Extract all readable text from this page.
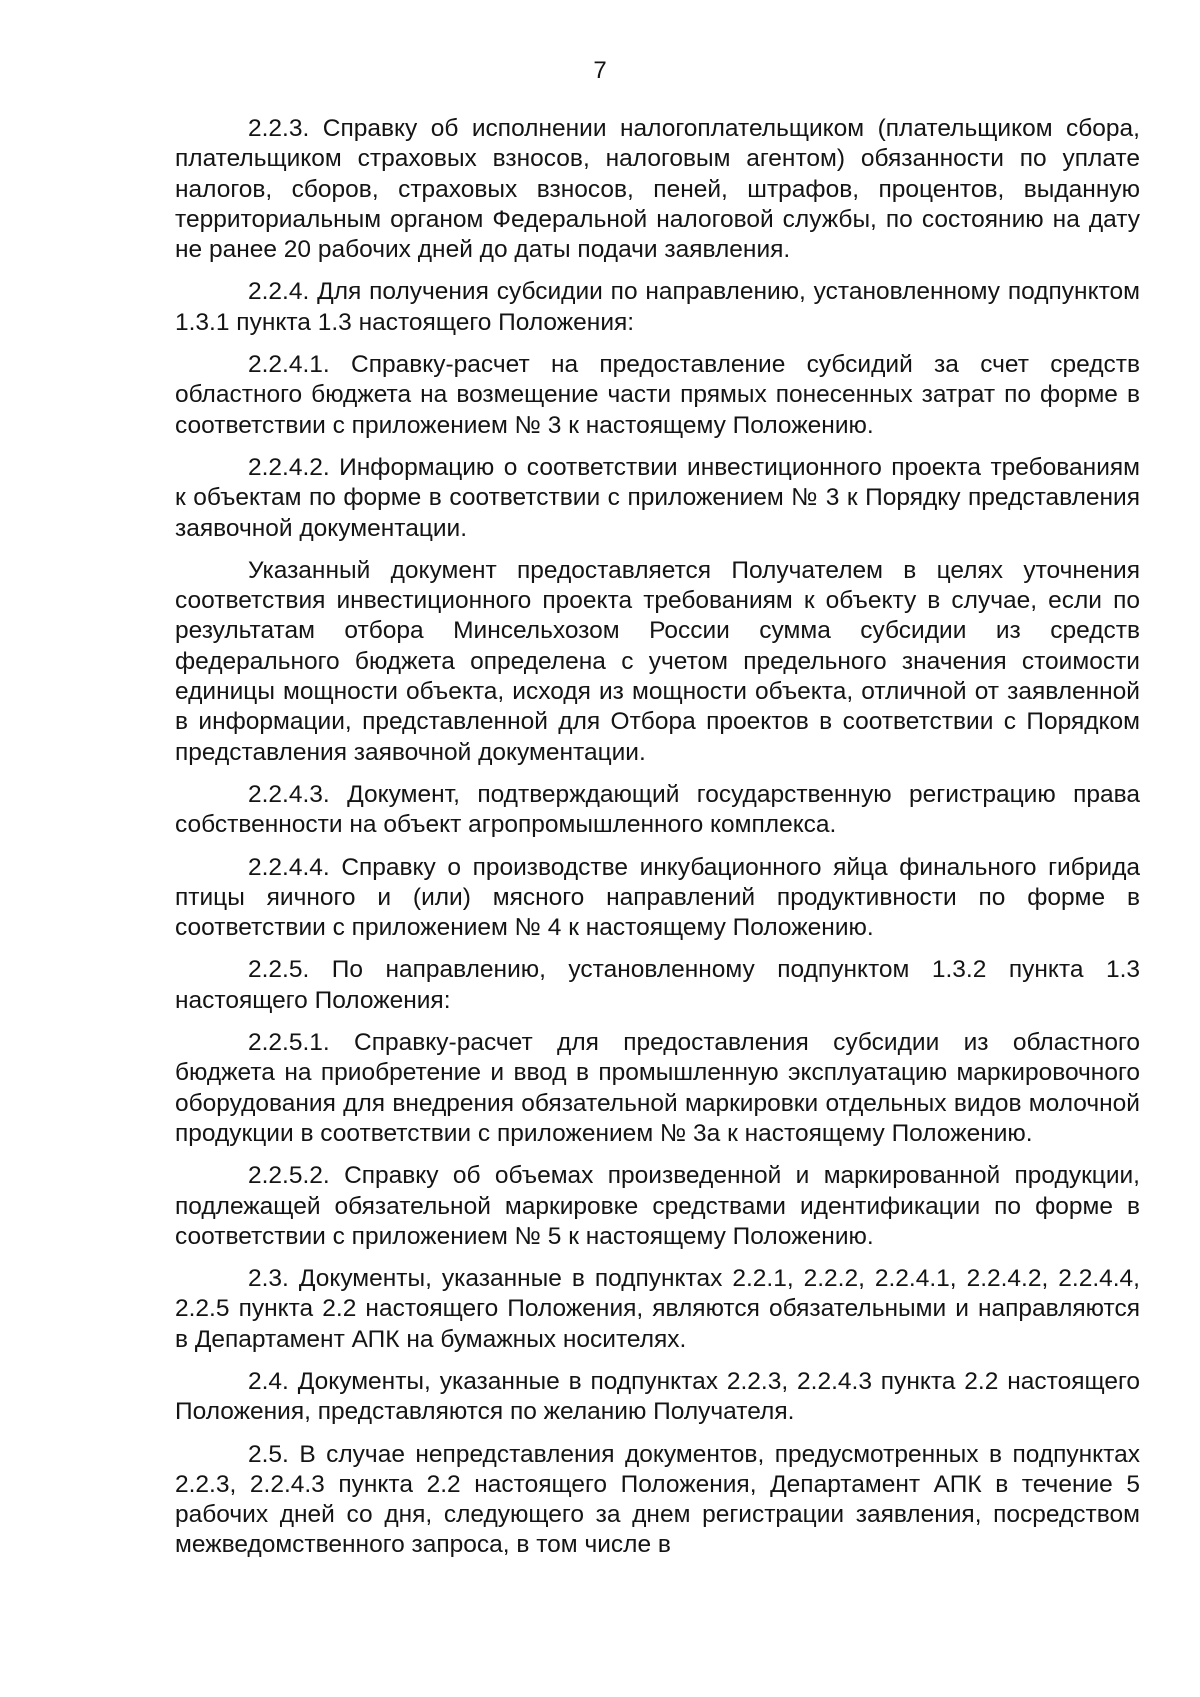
7

2.2.3. Справку об исполнении налогоплательщиком (плательщиком сбора, плательщиком страховых взносов, налоговым агентом) обязанности по уплате налогов, сборов, страховых взносов, пеней, штрафов, процентов, выданную территориальным органом Федеральной налоговой службы, по состоянию на дату не ранее 20 рабочих дней до даты подачи заявления.

2.2.4. Для получения субсидии по направлению, установленному подпунктом 1.3.1 пункта 1.3 настоящего Положения:

2.2.4.1. Справку-расчет на предоставление субсидий за счет средств областного бюджета на возмещение части прямых понесенных затрат по форме в соответствии с приложением № 3 к настоящему Положению.

2.2.4.2. Информацию о соответствии инвестиционного проекта требованиям к объектам по форме в соответствии с приложением № 3 к Порядку представления заявочной документации.

Указанный документ предоставляется Получателем в целях уточнения соответствия инвестиционного проекта требованиям к объекту в случае, если по результатам отбора Минсельхозом России сумма субсидии из средств федерального бюджета определена с учетом предельного значения стоимости единицы мощности объекта, исходя из мощности объекта, отличной от заявленной в информации, представленной для Отбора проектов в соответствии с Порядком представления заявочной документации.

2.2.4.3. Документ, подтверждающий государственную регистрацию права собственности на объект агропромышленного комплекса.

2.2.4.4. Справку о производстве инкубационного яйца финального гибрида птицы яичного и (или) мясного направлений продуктивности по форме в соответствии с приложением № 4 к настоящему Положению.

2.2.5. По направлению, установленному подпунктом 1.3.2 пункта 1.3 настоящего Положения:

2.2.5.1. Справку-расчет для предоставления субсидии из областного бюджета на приобретение и ввод в промышленную эксплуатацию маркировочного оборудования для внедрения обязательной маркировки отдельных видов молочной продукции в соответствии с приложением № 3а к настоящему Положению.

2.2.5.2. Справку об объемах произведенной и маркированной продукции, подлежащей обязательной маркировке средствами идентификации по форме в соответствии с приложением № 5 к настоящему Положению.

2.3. Документы, указанные в подпунктах 2.2.1, 2.2.2, 2.2.4.1, 2.2.4.2, 2.2.4.4, 2.2.5 пункта 2.2 настоящего Положения, являются обязательными и направляются в Департамент АПК на бумажных носителях.

2.4. Документы, указанные в подпунктах 2.2.3, 2.2.4.3 пункта 2.2 настоящего Положения, представляются по желанию Получателя.

2.5. В случае непредставления документов, предусмотренных в подпунктах 2.2.3, 2.2.4.3 пункта 2.2 настоящего Положения, Департамент АПК в течение 5 рабочих дней со дня, следующего за днем регистрации заявления, посредством межведомственного запроса, в том числе в
